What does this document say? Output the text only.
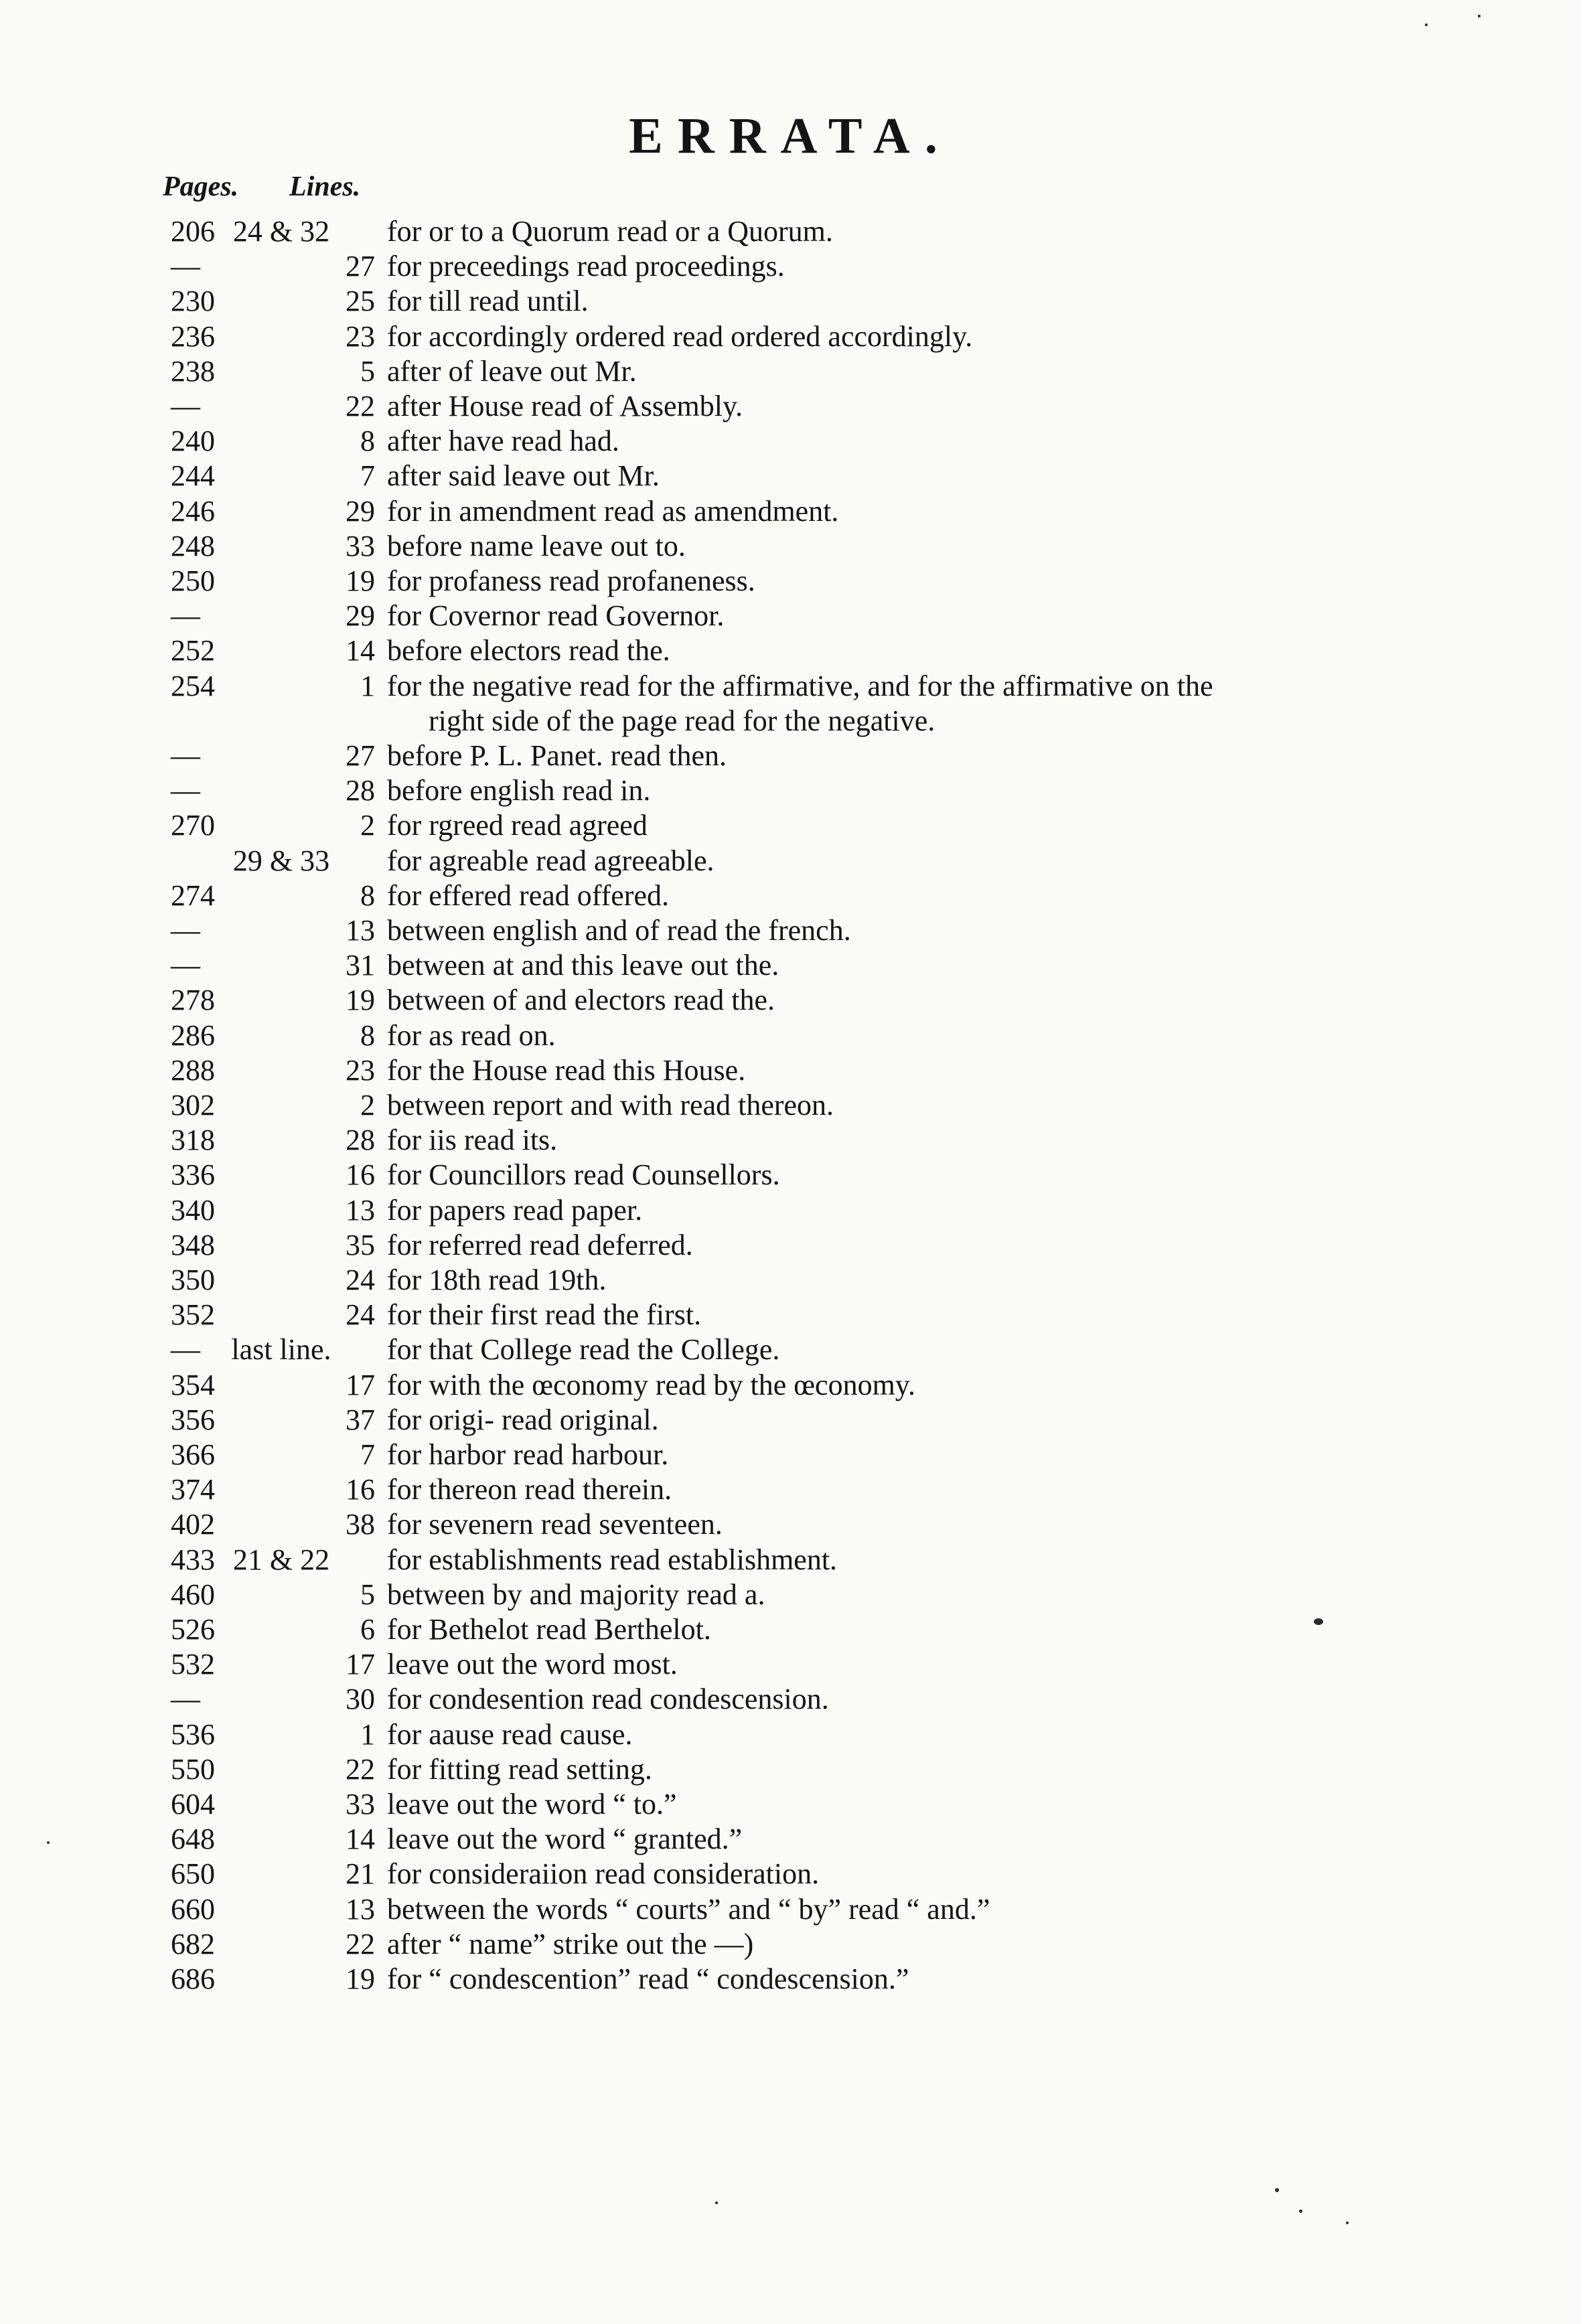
ERRATA.
Pages. Lines.
206 24 & 32	for or to a Quorum read or a Quorum.
—	27 for preceedings read proceedings.
230	25 for till read until.
236	23 for accordingly ordered read ordered accordingly.
238	5 after of leave out Mr.
—	22 after House read of Assembly.
240	8 after have read had.
244	7 after said leave out Mr.
246	29 for in amendment read as amendment.
248	33 before name leave out to.
250	19 for profaness read profaneness.
—	29 for Covernor read Governor.
252	14 before electors read the.
254	1 for the negative read for the affirmative, and for the affirmative on the
right side of the page read for the negative.
—	27 before P. L. Panet. read then.
—	28 before english read in.
270	2 for rgreed read agreed
29 & 33	for agreable read agreeable.
274	8 for effered read offered.
—	13 between english and of read the french.
—	31 between at and this leave out the.
278	19 between of and electors read the.
286	8 for as read on.
288	23 for the House read this House.
302	2 between report and with read thereon.
318	28 for iis read its.
336	16 for Councillors read Counsellors.
340	13 for papers read paper.
348	35 for referred read deferred.
350	24 for 18th read 19th.
352	24 for their first read the first.
—	last line.	for that College read the College.
354	17 for with the œconomy read by the œconomy.
356	37 for origi- read original.
366	7 for harbor read harbour.
374	16 for thereon read therein.
402	38 for sevenern read seventeen.
433 21 & 22	for establishments read establishment.
460	5 between by and majority read a.
526	6 for Bethelot read Berthelot.
532	17 leave out the word most.
—	30 for condesention read condescension.
536	1 for aause read cause.
550	22 for fitting read setting.
604	33 leave out the word “ to.”
648	14 leave out the word “ granted.”
650	21 for consideraiion read consideration.
660	13 between the words “ courts” and “ by” read “ and.”
682	22 after “ name” strike out the —)
686	19 for “ condescention” read “ condescension.”
